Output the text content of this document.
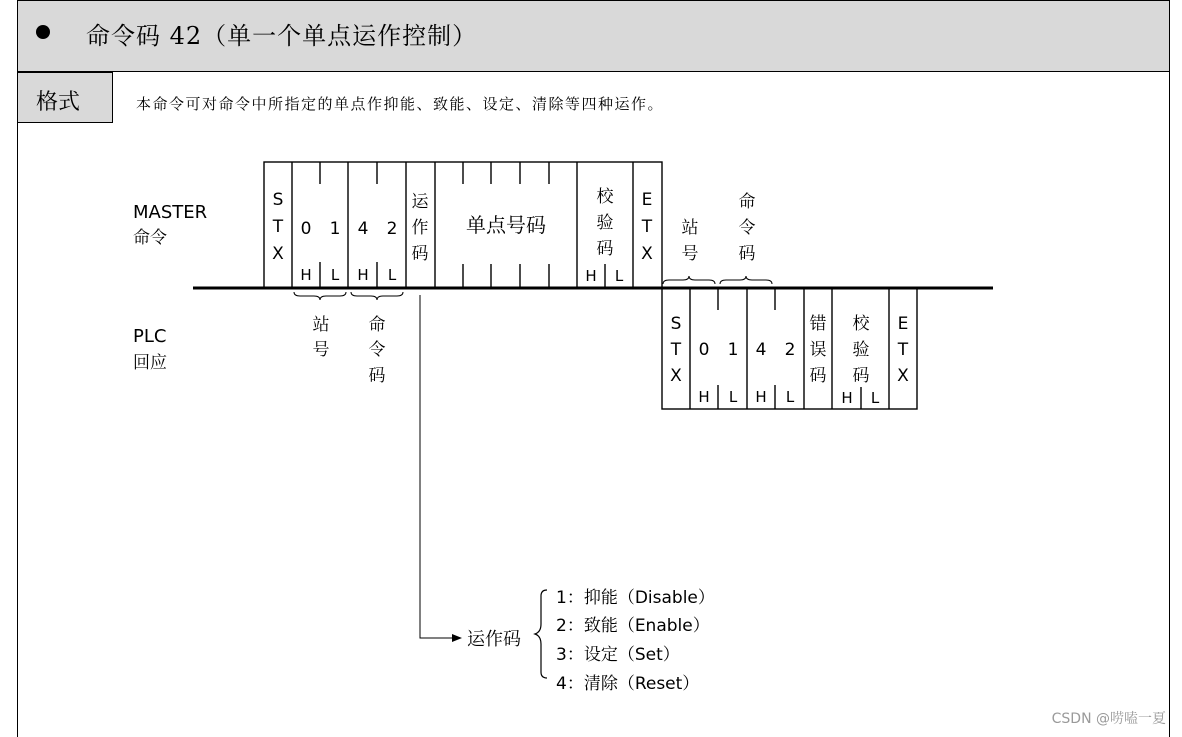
命令码 42（单一个单点运作控制）
格式	本命令可对命令中所指定的单点作抑能、致能、设定、清除等四种运作。
MASTER
命令
PLC
回应
S
T
X
0 1 4 2
H L H L
运
作
码
单点号码
校
验
码
H L
E
T
X
站
号
命
令
码
站
号
命
令
码
S
T
X
0 1 4 2
H L H L
错
误
码
校
验
码
H L
E
T
X
运作码
1：抑能（Disable）
2：致能（Enable）
3：设定（Set）
4：清除（Reset）
CSDN @唠嗑一夏
